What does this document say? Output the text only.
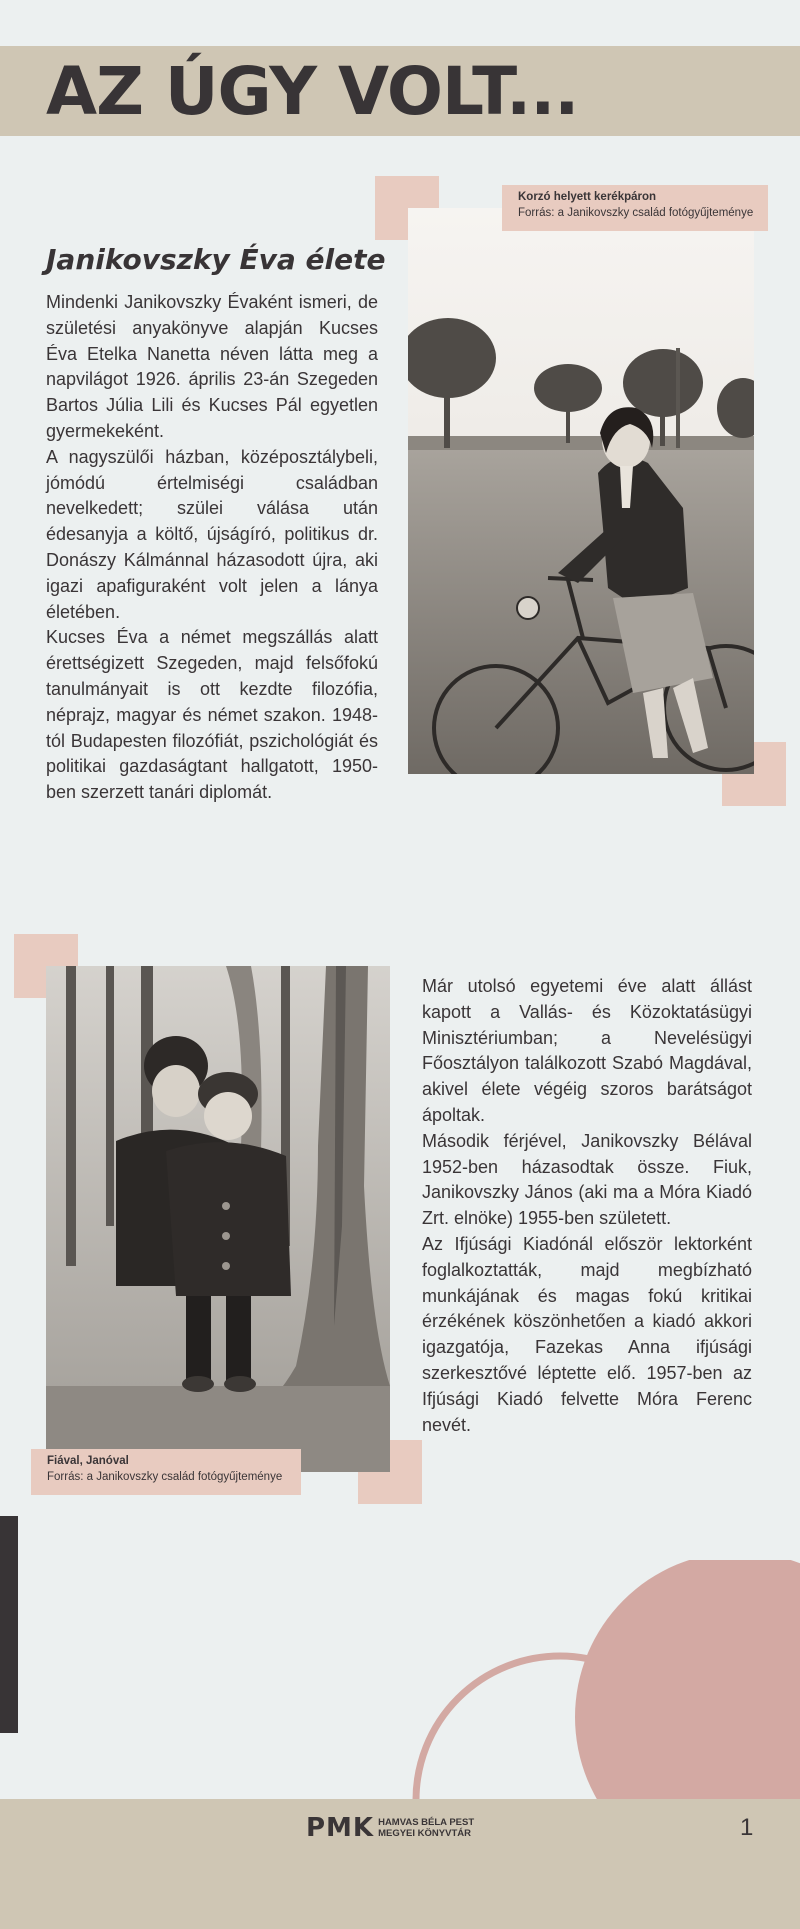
AZ ÚGY VOLT...
Janikovszky Éva élete

Mindenki Janikovszky Évaként ismeri, de születési anyakönyve alapján Kucses Éva Etelka Nanetta néven látta meg a napvilágot 1926. április 23-án Szegeden Bartos Júlia Lili és Kucses Pál egyetlen gyermekeként.

A nagyszülői házban, középosztálybeli, jómódú értelmiségi családban nevelkedett; szülei válása után édesanyja a költő, újságíró, politikus dr. Donászy Kálmánnal házasodott újra, aki igazi apafiguraként volt jelen a lánya életében.

Kucses Éva a német megszállás alatt érettségizett Szegeden, majd felsőfokú tanulmányait is ott kezdte filozófia, néprajz, magyar és német szakon. 1948-tól Budapesten filozófiát, pszichológiát és politikai gazdaságtant hallgatott, 1950-ben szerzett tanári diplomát.

Korzó helyett kerékpáron
Forrás: a Janikovszky család fotógyűjteménye
Fiával, Janóval
Forrás: a Janikovszky család fotógyűjteménye

Már utolsó egyetemi éve alatt állást kapott a Vallás- és Közoktatásügyi Minisztériumban; a Nevelésügyi Főosztályon találkozott Szabó Magdával, akivel élete végéig szoros barátságot ápoltak.

Második férjével, Janikovszky Bélával 1952-ben házasodtak össze. Fiuk, Janikovszky János (aki ma a Móra Kiadó Zrt. elnöke) 1955-ben született.

Az Ifjúsági Kiadónál először lektorként foglalkoztatták, majd megbízható munkájának és magas fokú kritikai érzékének köszönhetően a kiadó akkori igazgatója, Fazekas Anna ifjúsági szerkesztővé léptette elő. 1957-ben az Ifjúsági Kiadó felvette Móra Ferenc nevét.

PMK HAMVAS BÉLA PEST
MEGYEI KÖNYVTÁR	1
